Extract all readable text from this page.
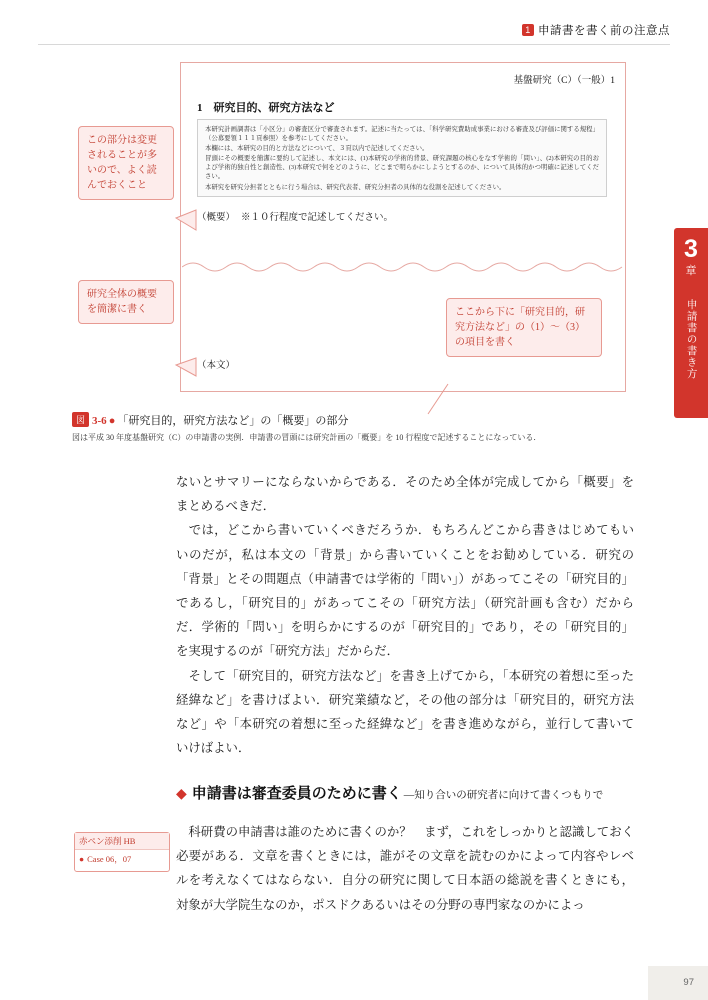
1 申請書を書く前の注意点
3
章
申請書の書き方
基盤研究（C）（一般）1
1　研究目的、研究方法など

本研究計画調書は「小区分」の審査区分で審査されます。記述に当たっては、「科学研究費助成事業における審査及び評価に関する規程」（公募要領１１１頁参照）を参考にしてください。

本欄には、本研究の目的と方法などについて、３頁以内で記述してください。

冒頭にその概要を簡潔に要約して記述し、本文には、(1)本研究の学術的背景、研究課題の核心をなす学術的「問い」、(2)本研究の目的および学術的独自性と創造性、(3)本研究で何をどのように、どこまで明らかにしようとするのか、について具体的かつ明確に記述してください。

本研究を研究分担者とともに行う場合は、研究代表者、研究分担者の具体的な役割を記述してください。

（概要） ※１０行程度で記述してください。
（本文）
この部分は変更されることが多いので、よく読んでおくこと
研究全体の概要を簡潔に書く	ここから下に「研究目的，研究方法など」の（1）～（3）の項目を書く
図 3-6 ● 「研究目的，研究方法など」の「概要」の部分
図は平成 30 年度基盤研究（C）の申請書の実例．申請書の冒頭には研究計画の「概要」を 10 行程度で記述することになっている．

ないとサマリーにならないからである．そのため全体が完成してから「概要」をまとめるべきだ．

　では，どこから書いていくべきだろうか．もちろんどこから書きはじめてもいいのだが，私は本文の「背景」から書いていくことをお勧めしている．研究の「背景」とその問題点（申請書では学術的「問い」）があってこその「研究目的」であるし，「研究目的」があってこその「研究方法」（研究計画も含む）だからだ．学術的「問い」を明らかにするのが「研究目的」であり，その「研究目的」を実現するのが「研究方法」だからだ．

　そして「研究目的，研究方法など」を書き上げてから，「本研究の着想に至った経緯など」を書けばよい．研究業績など，その他の部分は「研究目的，研究方法など」や「本研究の着想に至った経緯など」を書き進めながら，並行して書いていけばよい．

◆ 申請書は審査委員のために書く —知り合いの研究者に向けて書くつもりで

　科研費の申請書は誰のために書くのか？　まず，これをしっかりと認識しておく必要がある．文章を書くときには，誰がその文章を読むのかによって内容やレベルを考えなくてはならない．自分の研究に関して日本語の総説を書くときにも，対象が大学院生なのか，ポスドクあるいはその分野の専門家なのかによっ

赤ペン添削 HB
● Case 06，07
97
